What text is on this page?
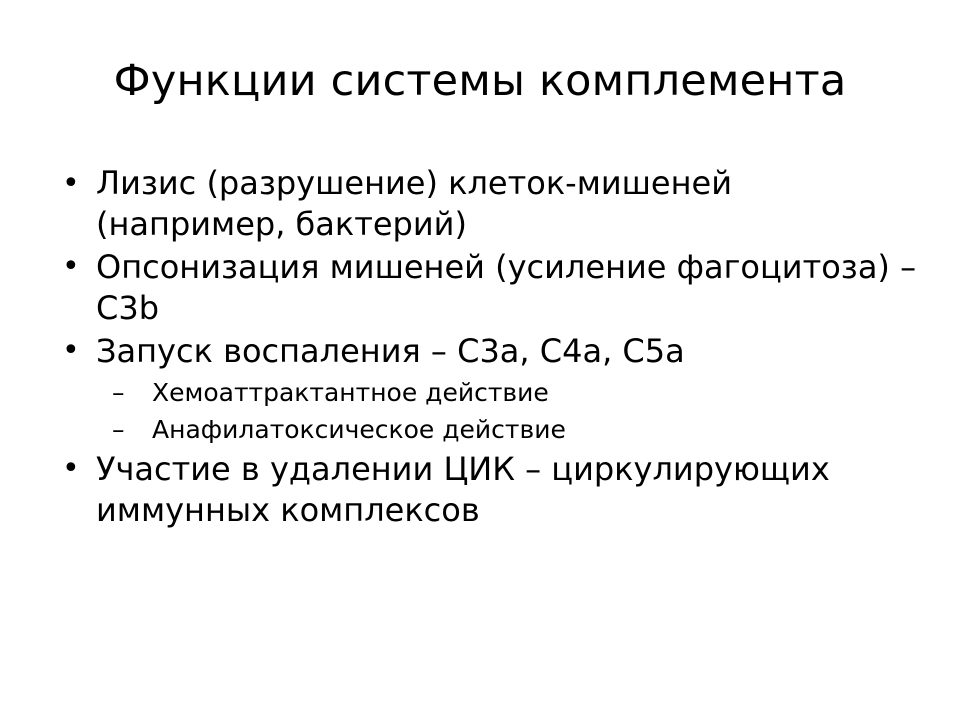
Функции системы комплемента
• Лизис (разрушение) клеток-мишеней (например, бактерий)
• Опсонизация мишеней (усиление фагоцитоза) – C3b
• Запуск воспаления – C3a, C4a, C5a
– Хемоаттрактантное действие
– Анафилатоксическое действие
• Участие в удалении ЦИК – циркулирующих иммунных комплексов
